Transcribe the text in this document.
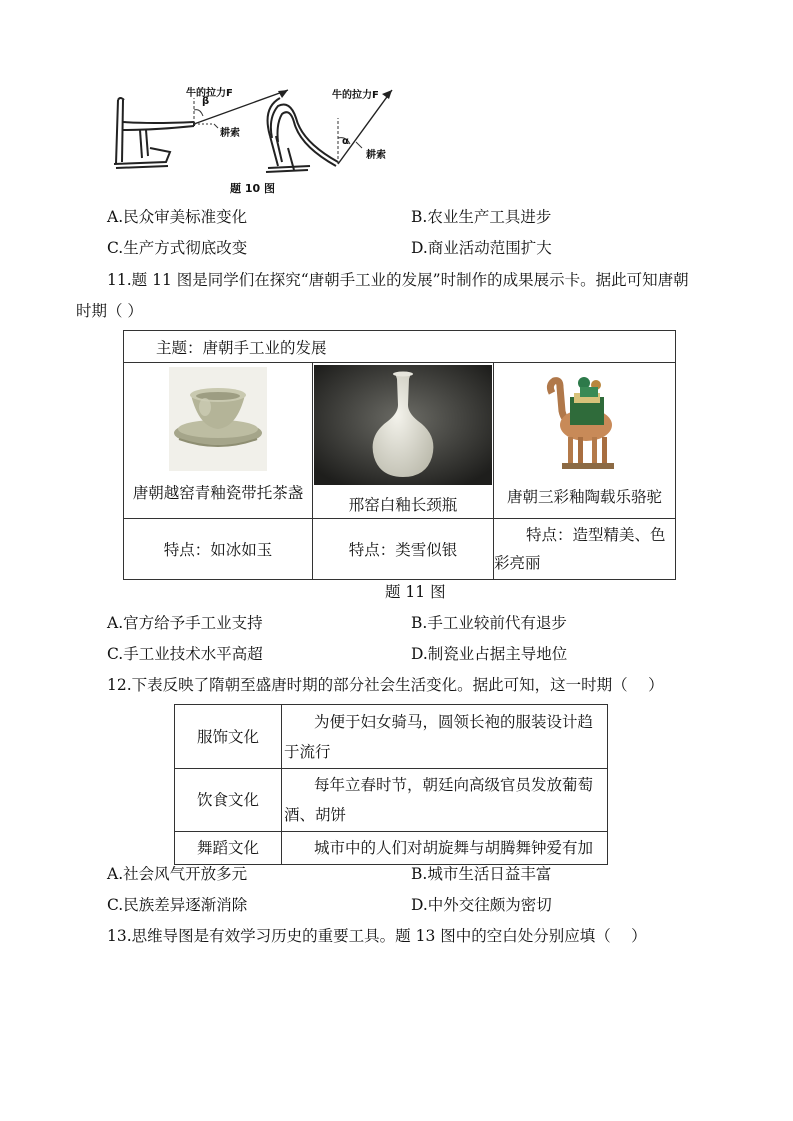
牛的拉力F
β
耕索
牛的拉力F
α
耕索
题 10 图
A.民众审美标准变化	B.农业生产工具进步
C.生产方式彻底改变	D.商业活动范围扩大
11.题 11 图是同学们在探究“唐朝手工业的发展”时制作的成果展示卡。据此可知唐朝
时期（ ）
主题：唐朝手工业的发展		

唐朝越窑青釉瓷带托茶盏	邢窑白釉长颈瓶	唐朝三彩釉陶载乐骆驼

特点：如冰如玉	特点：类雪似银	特点：造型精美、色
彩亮丽
题 11 图
A.官方给予手工业支持	B.手工业较前代有退步
C.手工业技术水平高超	D.制瓷业占据主导地位
12.下表反映了隋朝至盛唐时期的部分社会生活变化。据此可知，这一时期（　 ）
服饰文化	为便于妇女骑马，圆领长袍的服装设计趋
于流行

饮食文化	每年立春时节，朝廷向高级官员发放葡萄
酒、胡饼

舞蹈文化	城市中的人们对胡旋舞与胡腾舞钟爱有加
A.社会风气开放多元	B.城市生活日益丰富
C.民族差异逐渐消除	D.中外交往颇为密切
13.思维导图是有效学习历史的重要工具。题 13 图中的空白处分别应填（　 ）
